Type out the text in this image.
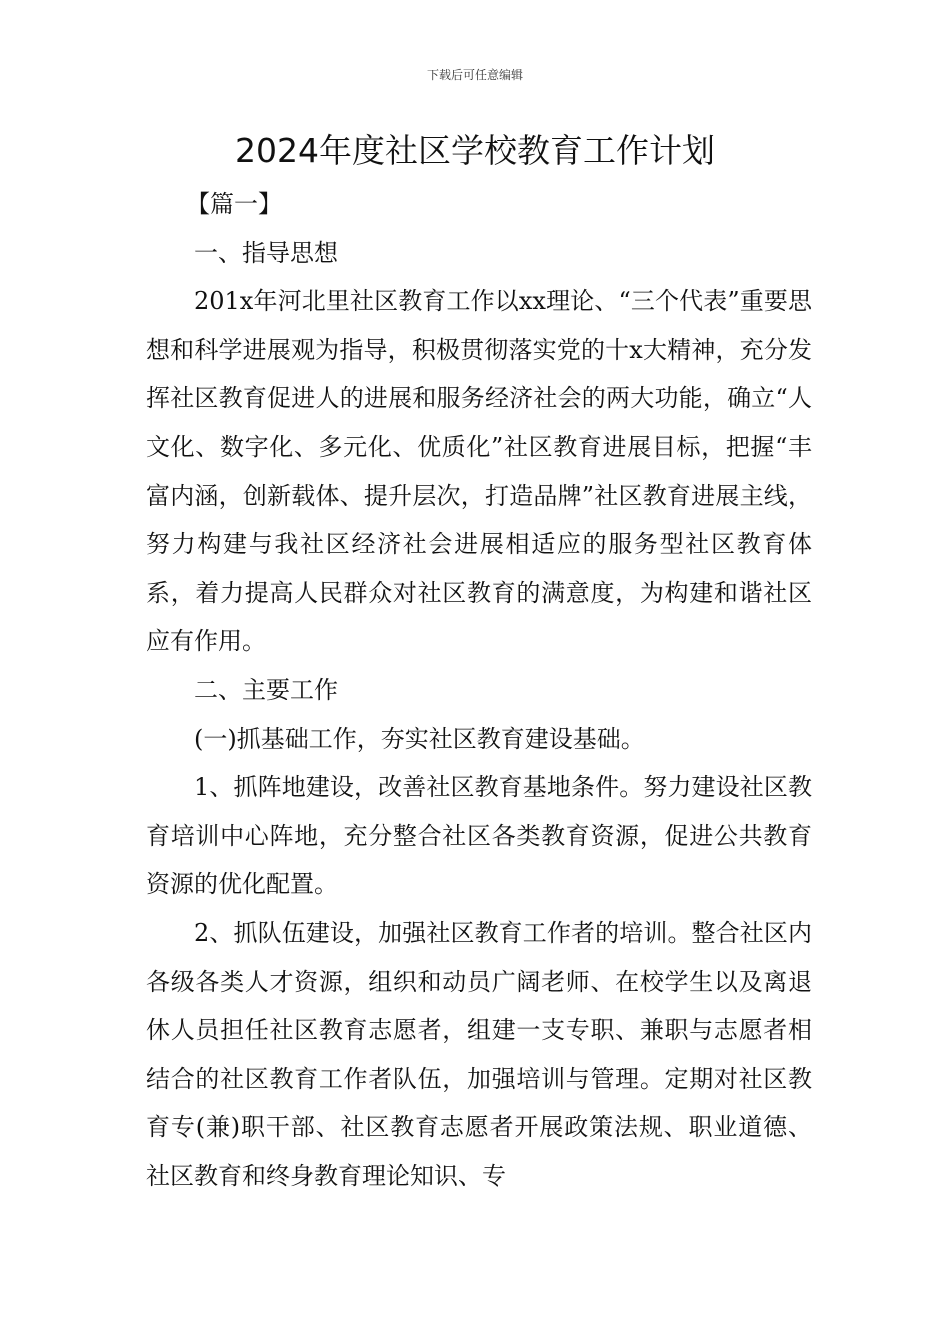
下载后可任意编辑
2024年度社区学校教育工作计划

【篇一】

一、指导思想

201x年河北里社区教育工作以xx理论、“三个代表”重要思想和科学进展观为指导，积极贯彻落实党的十x大精神，充分发挥社区教育促进人的进展和服务经济社会的两大功能，确立“人文化、数字化、多元化、优质化”社区教育进展目标，把握“丰富内涵，创新载体、提升层次，打造品牌”社区教育进展主线，努力构建与我社区经济社会进展相适应的服务型社区教育体系，着力提高人民群众对社区教育的满意度，为构建和谐社区应有作用。

二、主要工作

(一)抓基础工作，夯实社区教育建设基础。

1、抓阵地建设，改善社区教育基地条件。努力建设社区教育培训中心阵地，充分整合社区各类教育资源，促进公共教育资源的优化配置。

2、抓队伍建设，加强社区教育工作者的培训。整合社区内各级各类人才资源，组织和动员广阔老师、在校学生以及离退休人员担任社区教育志愿者，组建一支专职、兼职与志愿者相结合的社区教育工作者队伍，加强培训与管理。定期对社区教育专(兼)职干部、社区教育志愿者开展政策法规、职业道德、社区教育和终身教育理论知识、专
